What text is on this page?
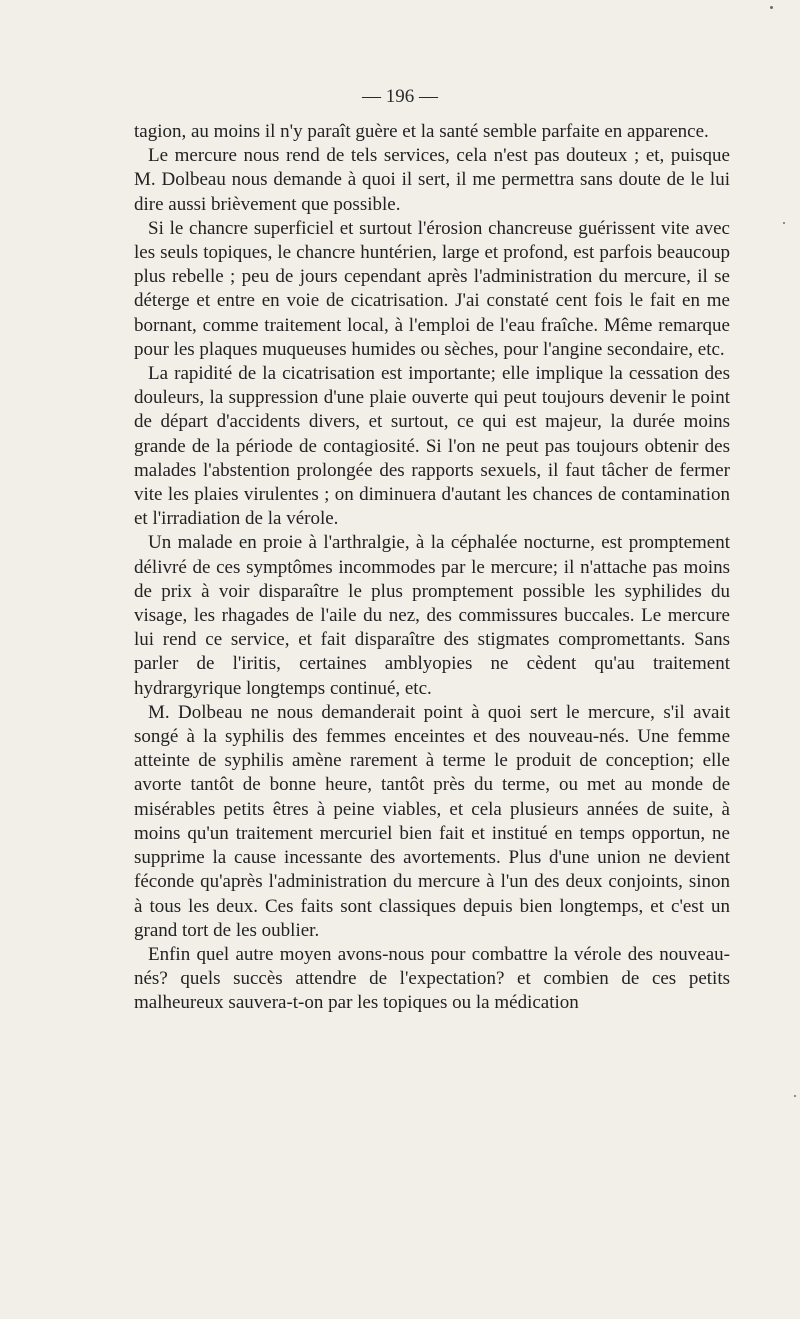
— 196 —

tagion, au moins il n'y paraît guère et la santé semble parfaite en apparence.

Le mercure nous rend de tels services, cela n'est pas douteux ; et, puisque M. Dolbeau nous demande à quoi il sert, il me permettra sans doute de le lui dire aussi brièvement que possible.

Si le chancre superficiel et surtout l'érosion chancreuse guérissent vite avec les seuls topiques, le chancre huntérien, large et profond, est parfois beaucoup plus rebelle ; peu de jours cependant après l'administration du mercure, il se déterge et entre en voie de cicatrisation. J'ai constaté cent fois le fait en me bornant, comme traitement local, à l'emploi de l'eau fraîche. Même remarque pour les plaques muqueuses humides ou sèches, pour l'angine secondaire, etc.

La rapidité de la cicatrisation est importante; elle implique la cessation des douleurs, la suppression d'une plaie ouverte qui peut toujours devenir le point de départ d'accidents divers, et surtout, ce qui est majeur, la durée moins grande de la période de contagiosité. Si l'on ne peut pas toujours obtenir des malades l'abstention prolongée des rapports sexuels, il faut tâcher de fermer vite les plaies virulentes ; on diminuera d'autant les chances de contamination et l'irradiation de la vérole.

Un malade en proie à l'arthralgie, à la céphalée nocturne, est promptement délivré de ces symptômes incommodes par le mercure; il n'attache pas moins de prix à voir disparaître le plus promptement possible les syphilides du visage, les rhagades de l'aile du nez, des commissures buccales. Le mercure lui rend ce service, et fait disparaître des stigmates compromettants. Sans parler de l'iritis, certaines amblyopies ne cèdent qu'au traitement hydrargyrique longtemps continué, etc.

M. Dolbeau ne nous demanderait point à quoi sert le mercure, s'il avait songé à la syphilis des femmes enceintes et des nouveau-nés. Une femme atteinte de syphilis amène rarement à terme le produit de conception; elle avorte tantôt de bonne heure, tantôt près du terme, ou met au monde de misérables petits êtres à peine viables, et cela plusieurs années de suite, à moins qu'un traitement mercuriel bien fait et institué en temps opportun, ne supprime la cause incessante des avortements. Plus d'une union ne devient féconde qu'après l'administration du mercure à l'un des deux conjoints, sinon à tous les deux. Ces faits sont classiques depuis bien longtemps, et c'est un grand tort de les oublier.

Enfin quel autre moyen avons-nous pour combattre la vérole des nouveau-nés? quels succès attendre de l'expectation? et combien de ces petits malheureux sauvera-t-on par les topiques ou la médication
